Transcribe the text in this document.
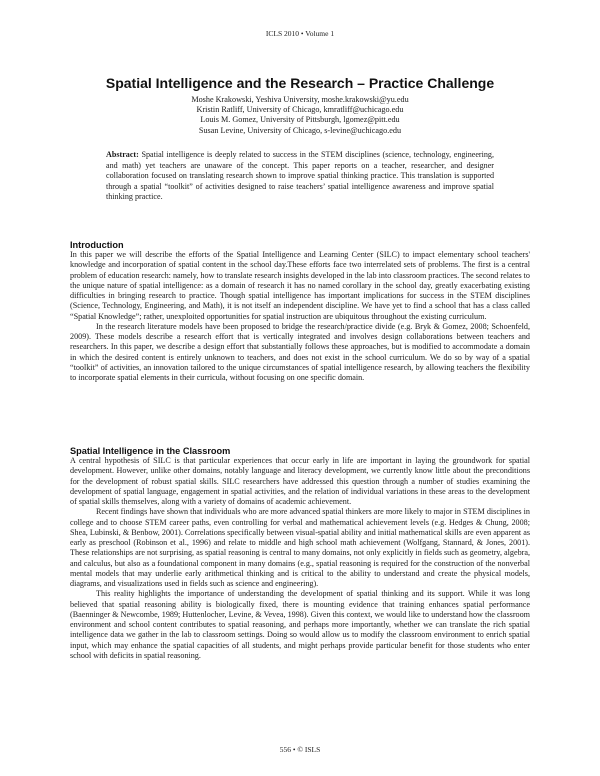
ICLS 2010 • Volume 1
Spatial Intelligence and the Research – Practice Challenge
Moshe Krakowski, Yeshiva University, moshe.krakowski@yu.edu
Kristin Ratliff, University of Chicago, kmratliff@uchicago.edu
Louis M. Gomez, University of Pittsburgh, lgomez@pitt.edu
Susan Levine, University of Chicago, s-levine@uchicago.edu
Abstract: Spatial intelligence is deeply related to success in the STEM disciplines (science, technology, engineering, and math) yet teachers are unaware of the concept. This paper reports on a teacher, researcher, and designer collaboration focused on translating research shown to improve spatial thinking practice. This translation is supported through a spatial “toolkit” of activities designed to raise teachers’ spatial intelligence awareness and improve spatial thinking practice.
Introduction

In this paper we will describe the efforts of the Spatial Intelligence and Learning Center (SILC) to impact elementary school teachers' knowledge and incorporation of spatial content in the school day.These efforts face two interrelated sets of problems. The first is a central problem of education research: namely, how to translate research insights developed in the lab into classroom practices. The second relates to the unique nature of spatial intelligence: as a domain of research it has no named corollary in the school day, greatly exacerbating existing difficulties in bringing research to practice. Though spatial intelligence has important implications for success in the STEM disciplines (Science, Technology, Engineering, and Math), it is not itself an independent discipline. We have yet to find a school that has a class called “Spatial Knowledge”; rather, unexploited opportunities for spatial instruction are ubiquitous throughout the existing curriculum.

In the research literature models have been proposed to bridge the research/practice divide (e.g. Bryk & Gomez, 2008; Schoenfeld, 2009). These models describe a research effort that is vertically integrated and involves design collaborations between teachers and researchers. In this paper, we describe a design effort that substantially follows these approaches, but is modified to accommodate a domain in which the desired content is entirely unknown to teachers, and does not exist in the school curriculum. We do so by way of a spatial “toolkit” of activities, an innovation tailored to the unique circumstances of spatial intelligence research, by allowing teachers the flexibility to incorporate spatial elements in their curricula, without focusing on one specific domain.

Spatial Intelligence in the Classroom

A central hypothesis of SILC is that particular experiences that occur early in life are important in laying the groundwork for spatial development. However, unlike other domains, notably language and literacy development, we currently know little about the preconditions for the development of robust spatial skills. SILC researchers have addressed this question through a number of studies examining the development of spatial language, engagement in spatial activities, and the relation of individual variations in these areas to the development of spatial skills themselves, along with a variety of domains of academic achievement.

Recent findings have shown that individuals who are more advanced spatial thinkers are more likely to major in STEM disciplines in college and to choose STEM career paths, even controlling for verbal and mathematical achievement levels (e.g. Hedges & Chung, 2008; Shea, Lubinski, & Benbow, 2001). Correlations specifically between visual-spatial ability and initial mathematical skills are even apparent as early as preschool (Robinson et al., 1996) and relate to middle and high school math achievement (Wolfgang, Stannard, & Jones, 2001). These relationships are not surprising, as spatial reasoning is central to many domains, not only explicitly in fields such as geometry, algebra, and calculus, but also as a foundational component in many domains (e.g., spatial reasoning is required for the construction of the nonverbal mental models that may underlie early arithmetical thinking and is critical to the ability to understand and create the physical models, diagrams, and visualizations used in fields such as science and engineering).

This reality highlights the importance of understanding the development of spatial thinking and its support. While it was long believed that spatial reasoning ability is biologically fixed, there is mounting evidence that training enhances spatial performance (Baenninger & Newcombe, 1989; Huttenlocher, Levine, & Vevea, 1998). Given this context, we would like to understand how the classroom environment and school content contributes to spatial reasoning, and perhaps more importantly, whether we can translate the rich spatial intelligence data we gather in the lab to classroom settings. Doing so would allow us to modify the classroom environment to enrich spatial input, which may enhance the spatial capacities of all students, and might perhaps provide particular benefit for those students who enter school with deficits in spatial reasoning.

556 • © ISLS
